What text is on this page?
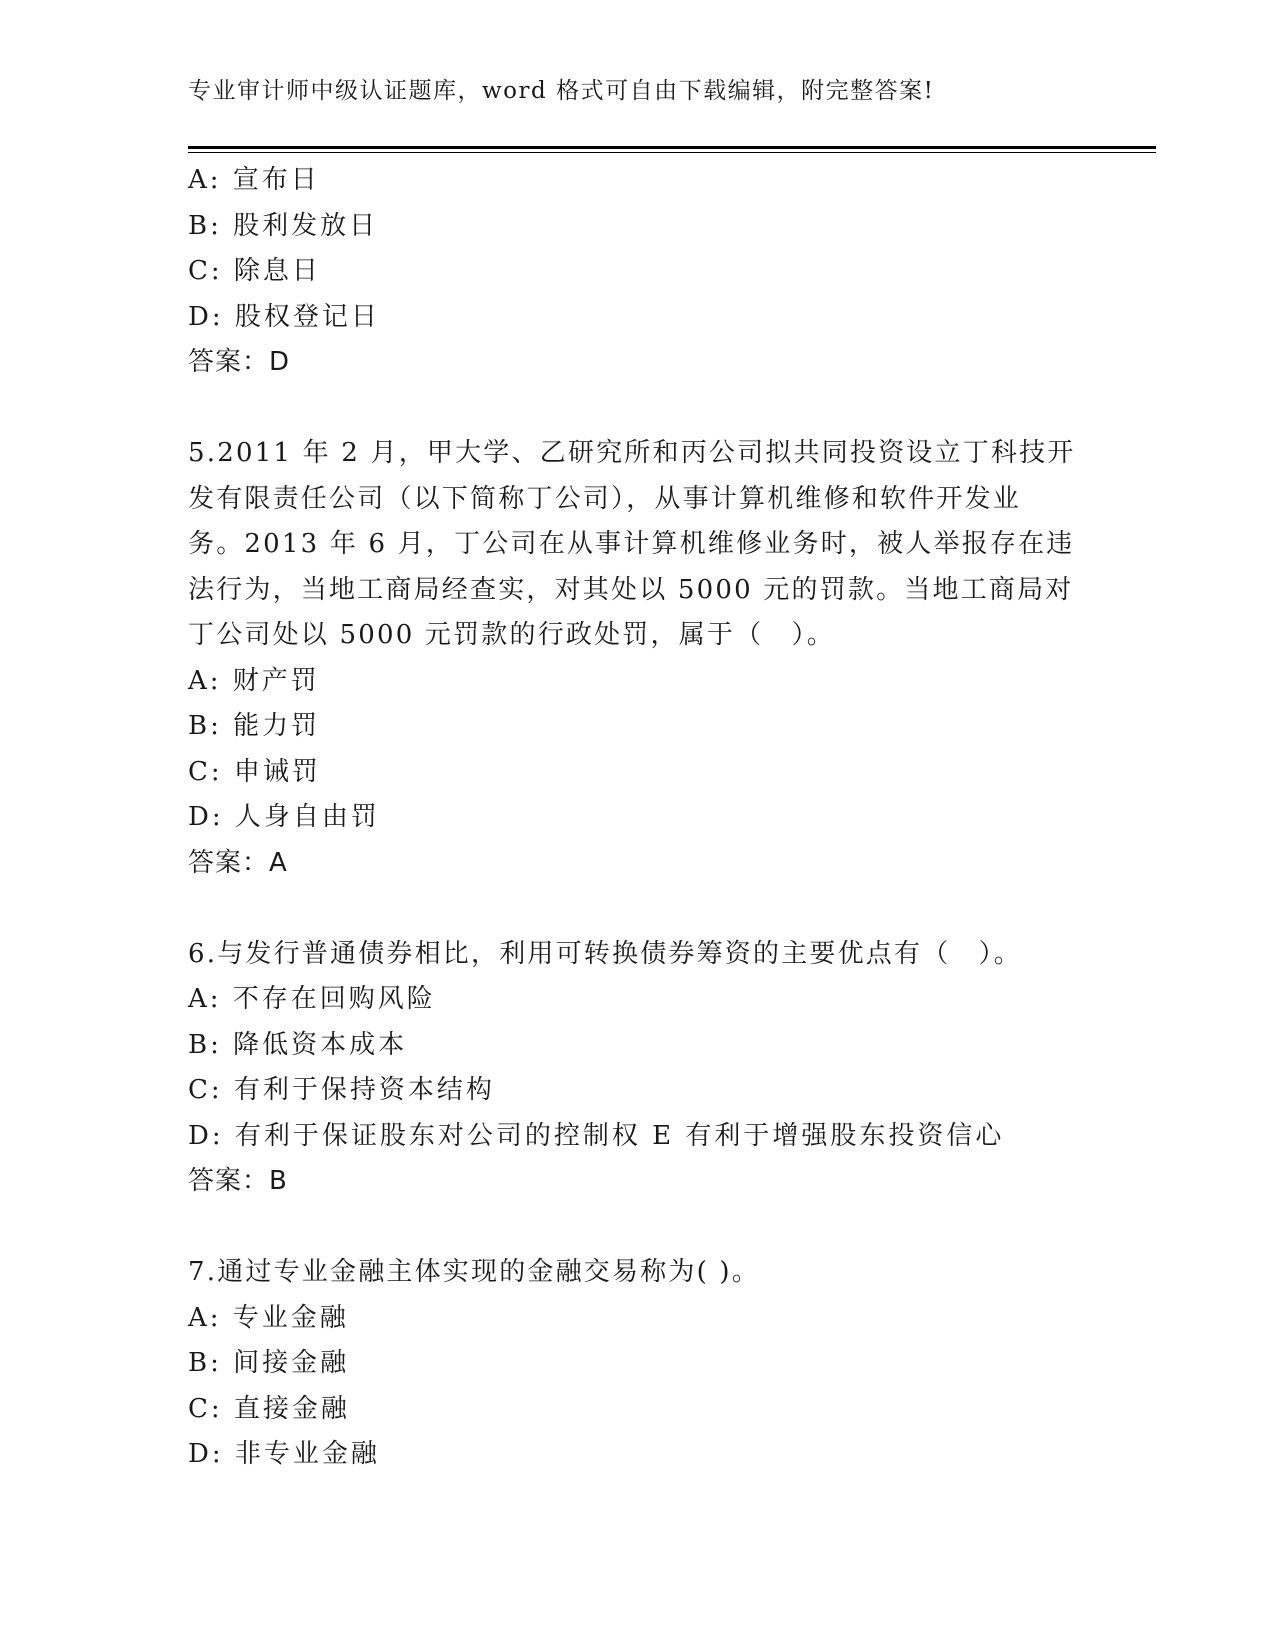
专业审计师中级认证题库，word 格式可自由下载编辑，附完整答案!
A: 宣布日
B: 股利发放日
C: 除息日
D: 股权登记日
答案：D
5.2011 年 2 月，甲大学、乙研究所和丙公司拟共同投资设立丁科技开
发有限责任公司（以下简称丁公司），从事计算机维修和软件开发业
务。2013 年 6 月，丁公司在从事计算机维修业务时，被人举报存在违
法行为，当地工商局经查实，对其处以 5000 元的罚款。当地工商局对
丁公司处以 5000 元罚款的行政处罚，属于（　）。
A: 财产罚
B: 能力罚
C: 申诫罚
D: 人身自由罚
答案：A
6.与发行普通债券相比，利用可转换债券筹资的主要优点有（　）。
A: 不存在回购风险
B: 降低资本成本
C: 有利于保持资本结构
D: 有利于保证股东对公司的控制权 E 有利于增强股东投资信心
答案：B
7.通过专业金融主体实现的金融交易称为( )。
A: 专业金融
B: 间接金融
C: 直接金融
D: 非专业金融
